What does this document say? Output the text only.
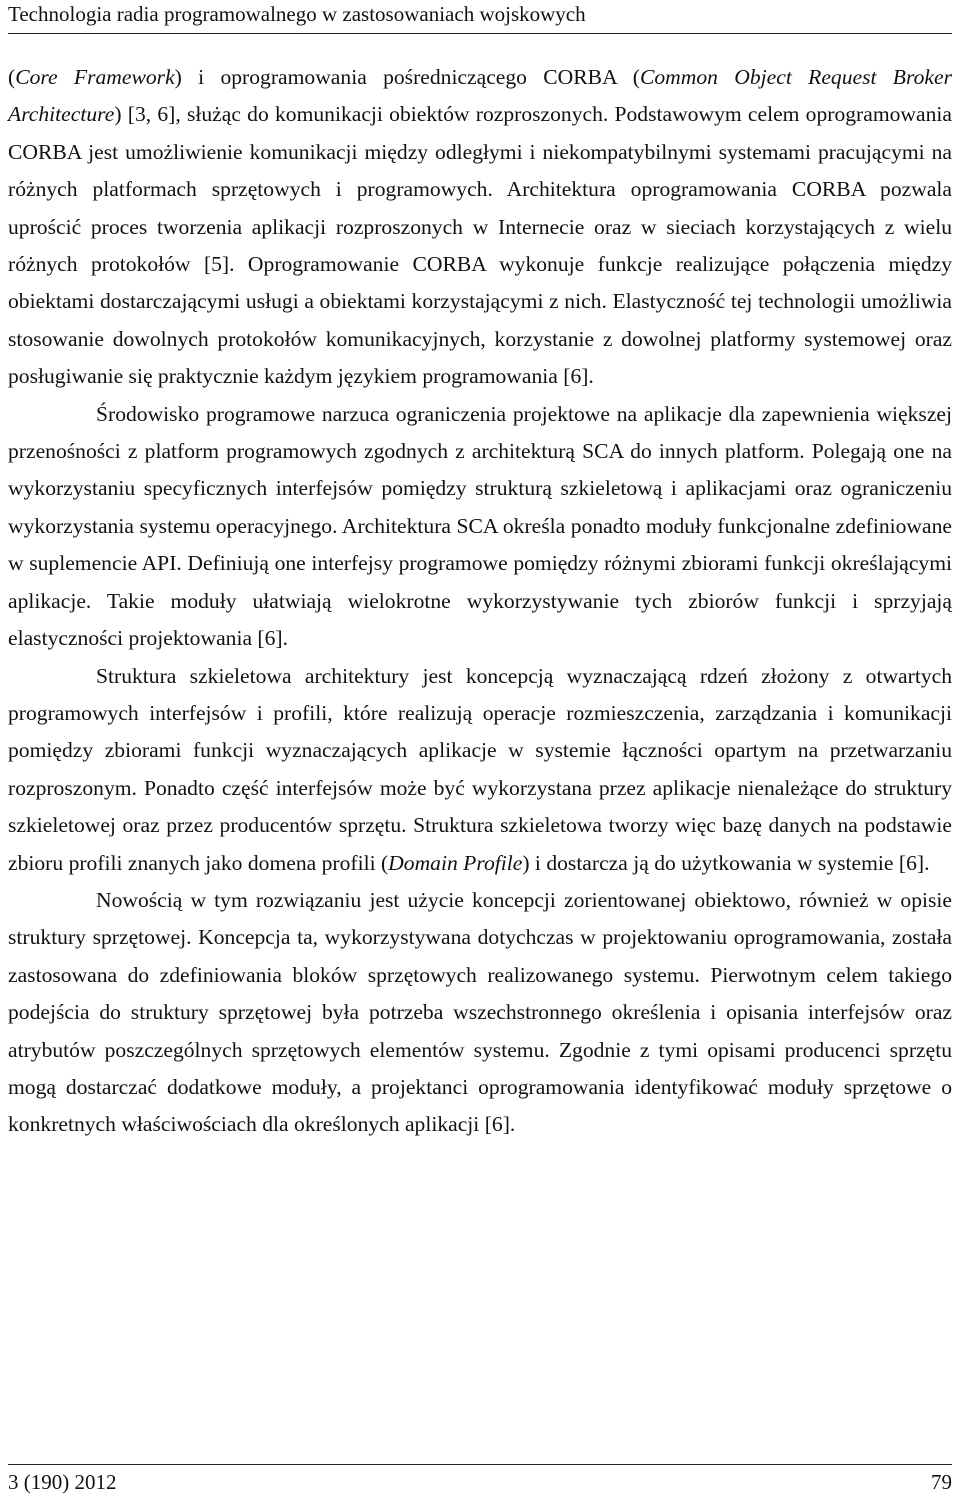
Technologia radia programowalnego w zastosowaniach wojskowych

(Core Framework) i oprogramowania pośredniczącego CORBA (Common Object Request Broker Architecture) [3, 6], służąc do komunikacji obiektów rozproszonych. Podstawowym celem oprogramowania CORBA jest umożliwienie komunikacji między odległymi i niekompatybilnymi systemami pracującymi na różnych platformach sprzętowych i programowych. Architektura oprogramowania CORBA pozwala uprościć proces tworzenia aplikacji rozproszonych w Internecie oraz w sieciach korzystających z wielu różnych protokołów [5]. Oprogramowanie CORBA wykonuje funkcje realizujące połączenia między obiektami dostarczającymi usługi a obiektami korzystającymi z nich. Elastyczność tej technologii umożliwia stosowanie dowolnych protokołów komunikacyjnych, korzystanie z dowolnej platformy systemowej oraz posługiwanie się praktycznie każdym językiem programowania [6].

Środowisko programowe narzuca ograniczenia projektowe na aplikacje dla zapewnienia większej przenośności z platform programowych zgodnych z architekturą SCA do innych platform. Polegają one na wykorzystaniu specyficznych interfejsów pomiędzy strukturą szkieletową i aplikacjami oraz ograniczeniu wykorzystania systemu operacyjnego. Architektura SCA określa ponadto moduły funkcjonalne zdefiniowane w suplemencie API. Definiują one interfejsy programowe pomiędzy różnymi zbiorami funkcji określającymi aplikacje. Takie moduły ułatwiają wielokrotne wykorzystywanie tych zbiorów funkcji i sprzyjają elastyczności projektowania [6].

Struktura szkieletowa architektury jest koncepcją wyznaczającą rdzeń złożony z otwartych programowych interfejsów i profili, które realizują operacje rozmieszczenia, zarządzania i komunikacji pomiędzy zbiorami funkcji wyznaczających aplikacje w systemie łączności opartym na przetwarzaniu rozproszonym. Ponadto część interfejsów może być wykorzystana przez aplikacje nienależące do struktury szkieletowej oraz przez producentów sprzętu. Struktura szkieletowa tworzy więc bazę danych na podstawie zbioru profili znanych jako domena profili (Domain Profile) i dostarcza ją do użytkowania w systemie [6].

Nowością w tym rozwiązaniu jest użycie koncepcji zorientowanej obiektowo, również w opisie struktury sprzętowej. Koncepcja ta, wykorzystywana dotychczas w projektowaniu oprogramowania, została zastosowana do zdefiniowania bloków sprzętowych realizowanego systemu. Pierwotnym celem takiego podejścia do struktury sprzętowej była potrzeba wszechstronnego określenia i opisania interfejsów oraz atrybutów poszczególnych sprzętowych elementów systemu. Zgodnie z tymi opisami producenci sprzętu mogą dostarczać dodatkowe moduły, a projektanci oprogramowania identyfikować moduły sprzętowe o konkretnych właściwościach dla określonych aplikacji [6].

3 (190) 2012	79
